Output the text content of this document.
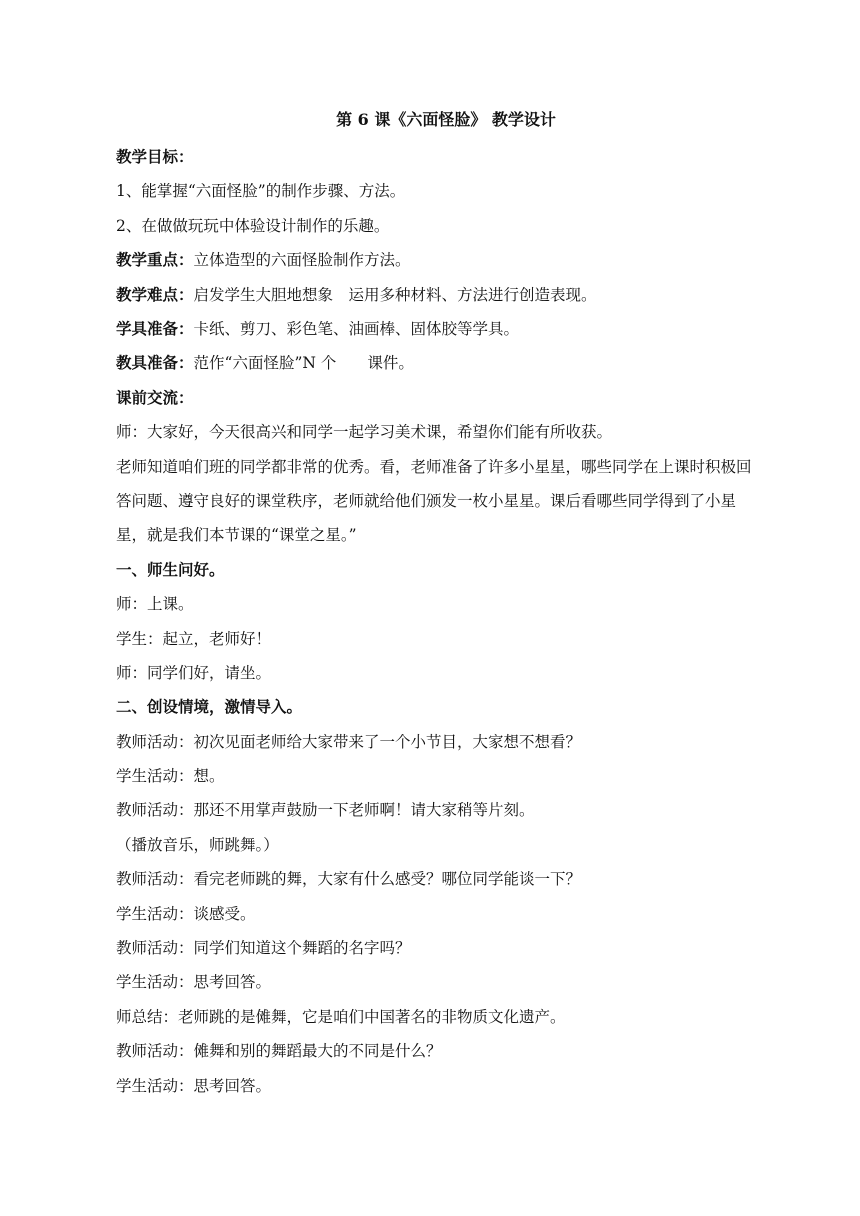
第 6 课《六面怪脸》 教学设计
教学目标：
1、能掌握“六面怪脸”的制作步骤、方法。
2、在做做玩玩中体验设计制作的乐趣。
教学重点：立体造型的六面怪脸制作方法。
教学难点：启发学生大胆地想象　运用多种材料、方法进行创造表现。
学具准备：卡纸、剪刀、彩色笔、油画棒、固体胶等学具。
教具准备：范作“六面怪脸”N 个　　课件。
课前交流：
师：大家好，今天很高兴和同学一起学习美术课，希望你们能有所收获。
老师知道咱们班的同学都非常的优秀。看，老师准备了许多小星星，哪些同学在上课时积极回答问题、遵守良好的课堂秩序，老师就给他们颁发一枚小星星。课后看哪些同学得到了小星星，就是我们本节课的“课堂之星。”
一、师生问好。
师：上课。
学生：起立，老师好！
师：同学们好，请坐。
二、创设情境，激情导入。
教师活动：初次见面老师给大家带来了一个小节目，大家想不想看？
学生活动：想。
教师活动：那还不用掌声鼓励一下老师啊！请大家稍等片刻。
（播放音乐，师跳舞。）
教师活动：看完老师跳的舞，大家有什么感受？哪位同学能谈一下？
学生活动：谈感受。
教师活动：同学们知道这个舞蹈的名字吗？
学生活动：思考回答。
师总结：老师跳的是傩舞，它是咱们中国著名的非物质文化遗产。
教师活动：傩舞和别的舞蹈最大的不同是什么？
学生活动：思考回答。
